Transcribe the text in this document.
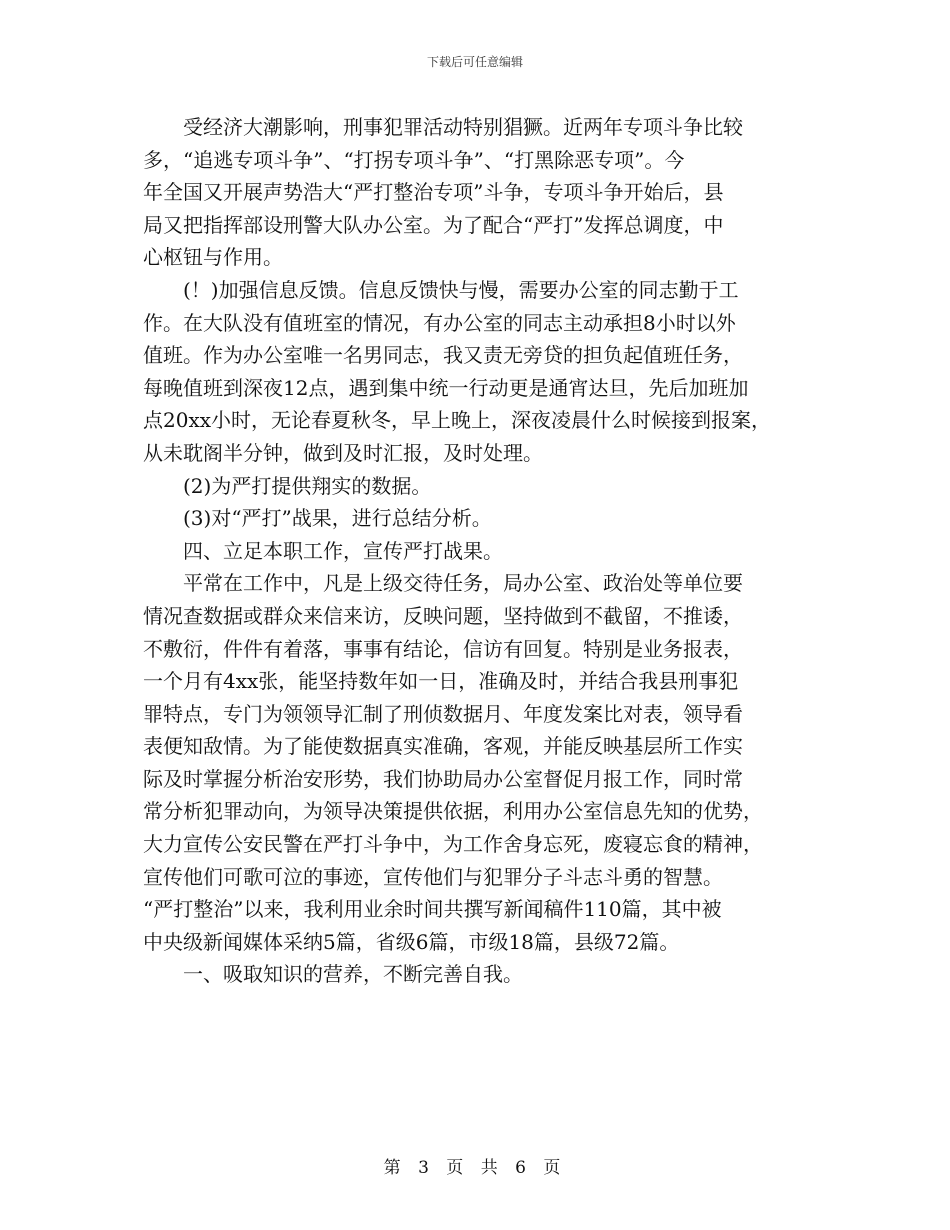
下载后可任意编辑

　　受经济大潮影响，刑事犯罪活动特别猖獗。近两年专项斗争比较

多，“追逃专项斗争”、“打拐专项斗争”、“打黑除恶专项”。今

年全国又开展声势浩大“严打整治专项”斗争，专项斗争开始后，县

局又把指挥部设刑警大队办公室。为了配合“严打”发挥总调度，中

心枢钮与作用。

　　(！)加强信息反馈。信息反馈快与慢，需要办公室的同志勤于工

作。在大队没有值班室的情况，有办公室的同志主动承担8小时以外

值班。作为办公室唯一名男同志，我又责无旁贷的担负起值班任务，

每晚值班到深夜12点，遇到集中统一行动更是通宵达旦，先后加班加

点20xx小时，无论春夏秋冬，早上晚上，深夜凌晨什么时候接到报案，

从未耽阁半分钟，做到及时汇报，及时处理。

　　(2)为严打提供翔实的数据。

　　(3)对“严打”战果，进行总结分析。

　　四、立足本职工作，宣传严打战果。

　　平常在工作中，凡是上级交待任务，局办公室、政治处等单位要

情况查数据或群众来信来访，反映问题，坚持做到不截留，不推诿，

不敷衍，件件有着落，事事有结论，信访有回复。特别是业务报表，

一个月有4xx张，能坚持数年如一日，准确及时，并结合我县刑事犯

罪特点，专门为领领导汇制了刑侦数据月、年度发案比对表，领导看

表便知敌情。为了能使数据真实准确，客观，并能反映基层所工作实

际及时掌握分析治安形势，我们协助局办公室督促月报工作，同时常

常分析犯罪动向，为领导决策提供依据，利用办公室信息先知的优势，

大力宣传公安民警在严打斗争中，为工作舍身忘死，废寝忘食的精神，

宣传他们可歌可泣的事迹，宣传他们与犯罪分子斗志斗勇的智慧。

“严打整治”以来，我利用业余时间共撰写新闻稿件110篇，其中被

中央级新闻媒体采纳5篇，省级6篇，市级18篇，县级72篇。

　　一、吸取知识的营养，不断完善自我。

第 3 页 共 6 页
